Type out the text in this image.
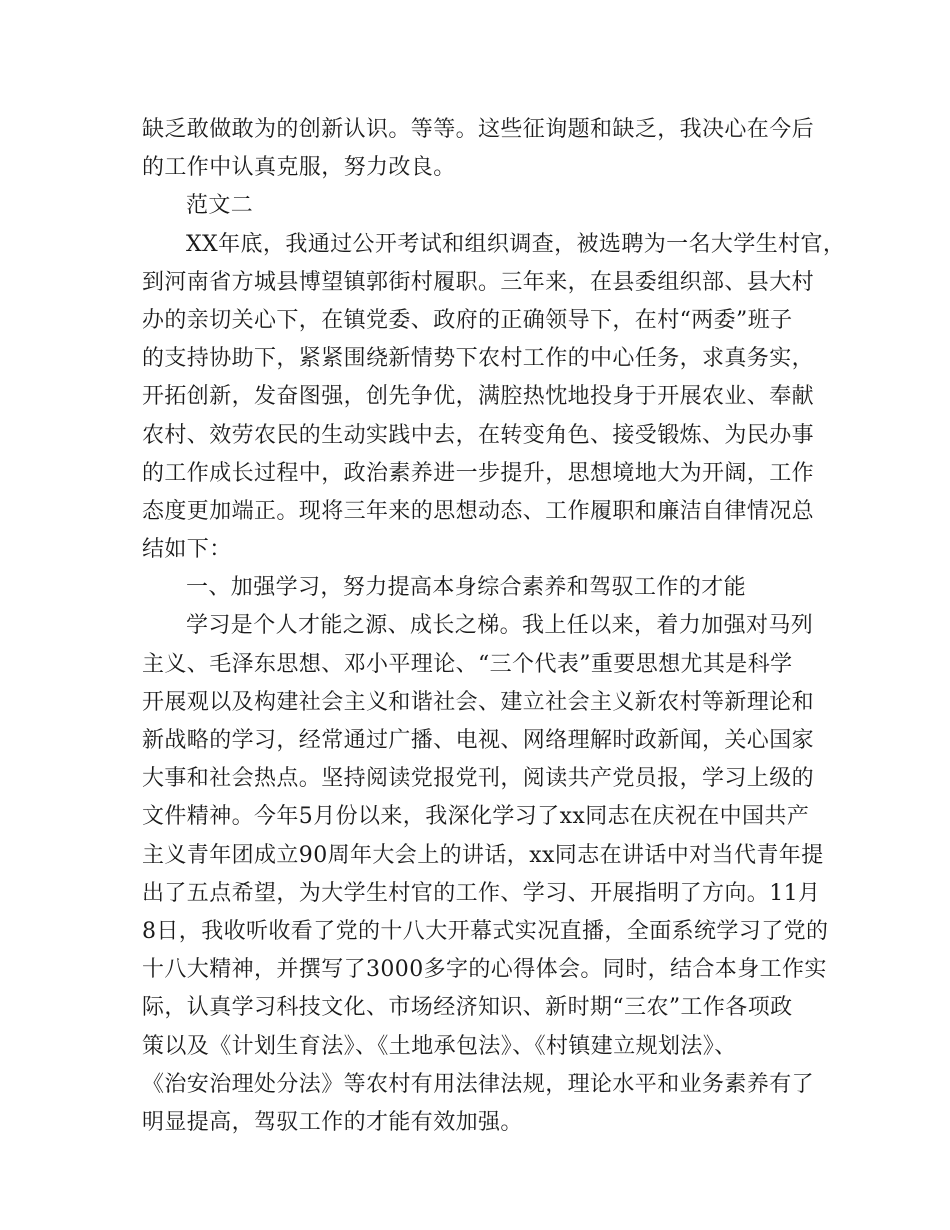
缺乏敢做敢为的创新认识。等等。这些征询题和缺乏，我决心在今后
的工作中认真克服，努力改良。
范文二
XX年底，我通过公开考试和组织调查，被选聘为一名大学生村官，
到河南省方城县博望镇郭街村履职。三年来，在县委组织部、县大村
办的亲切关心下，在镇党委、政府的正确领导下，在村“两委”班子
的支持协助下，紧紧围绕新情势下农村工作的中心任务，求真务实，
开拓创新，发奋图强，创先争优，满腔热忱地投身于开展农业、奉献
农村、效劳农民的生动实践中去，在转变角色、接受锻炼、为民办事
的工作成长过程中，政治素养进一步提升，思想境地大为开阔，工作
态度更加端正。现将三年来的思想动态、工作履职和廉洁自律情况总
结如下：
一、加强学习，努力提高本身综合素养和驾驭工作的才能
学习是个人才能之源、成长之梯。我上任以来，着力加强对马列
主义、毛泽东思想、邓小平理论、“三个代表”重要思想尤其是科学
开展观以及构建社会主义和谐社会、建立社会主义新农村等新理论和
新战略的学习，经常通过广播、电视、网络理解时政新闻，关心国家
大事和社会热点。坚持阅读党报党刊，阅读共产党员报，学习上级的
文件精神。今年5月份以来，我深化学习了xx同志在庆祝在中国共产
主义青年团成立90周年大会上的讲话，xx同志在讲话中对当代青年提
出了五点希望，为大学生村官的工作、学习、开展指明了方向。11月
8日，我收听收看了党的十八大开幕式实况直播，全面系统学习了党的
十八大精神，并撰写了3000多字的心得体会。同时，结合本身工作实
际，认真学习科技文化、市场经济知识、新时期“三农”工作各项政
策以及《计划生育法》、《土地承包法》、《村镇建立规划法》、
《治安治理处分法》等农村有用法律法规，理论水平和业务素养有了
明显提高，驾驭工作的才能有效加强。
